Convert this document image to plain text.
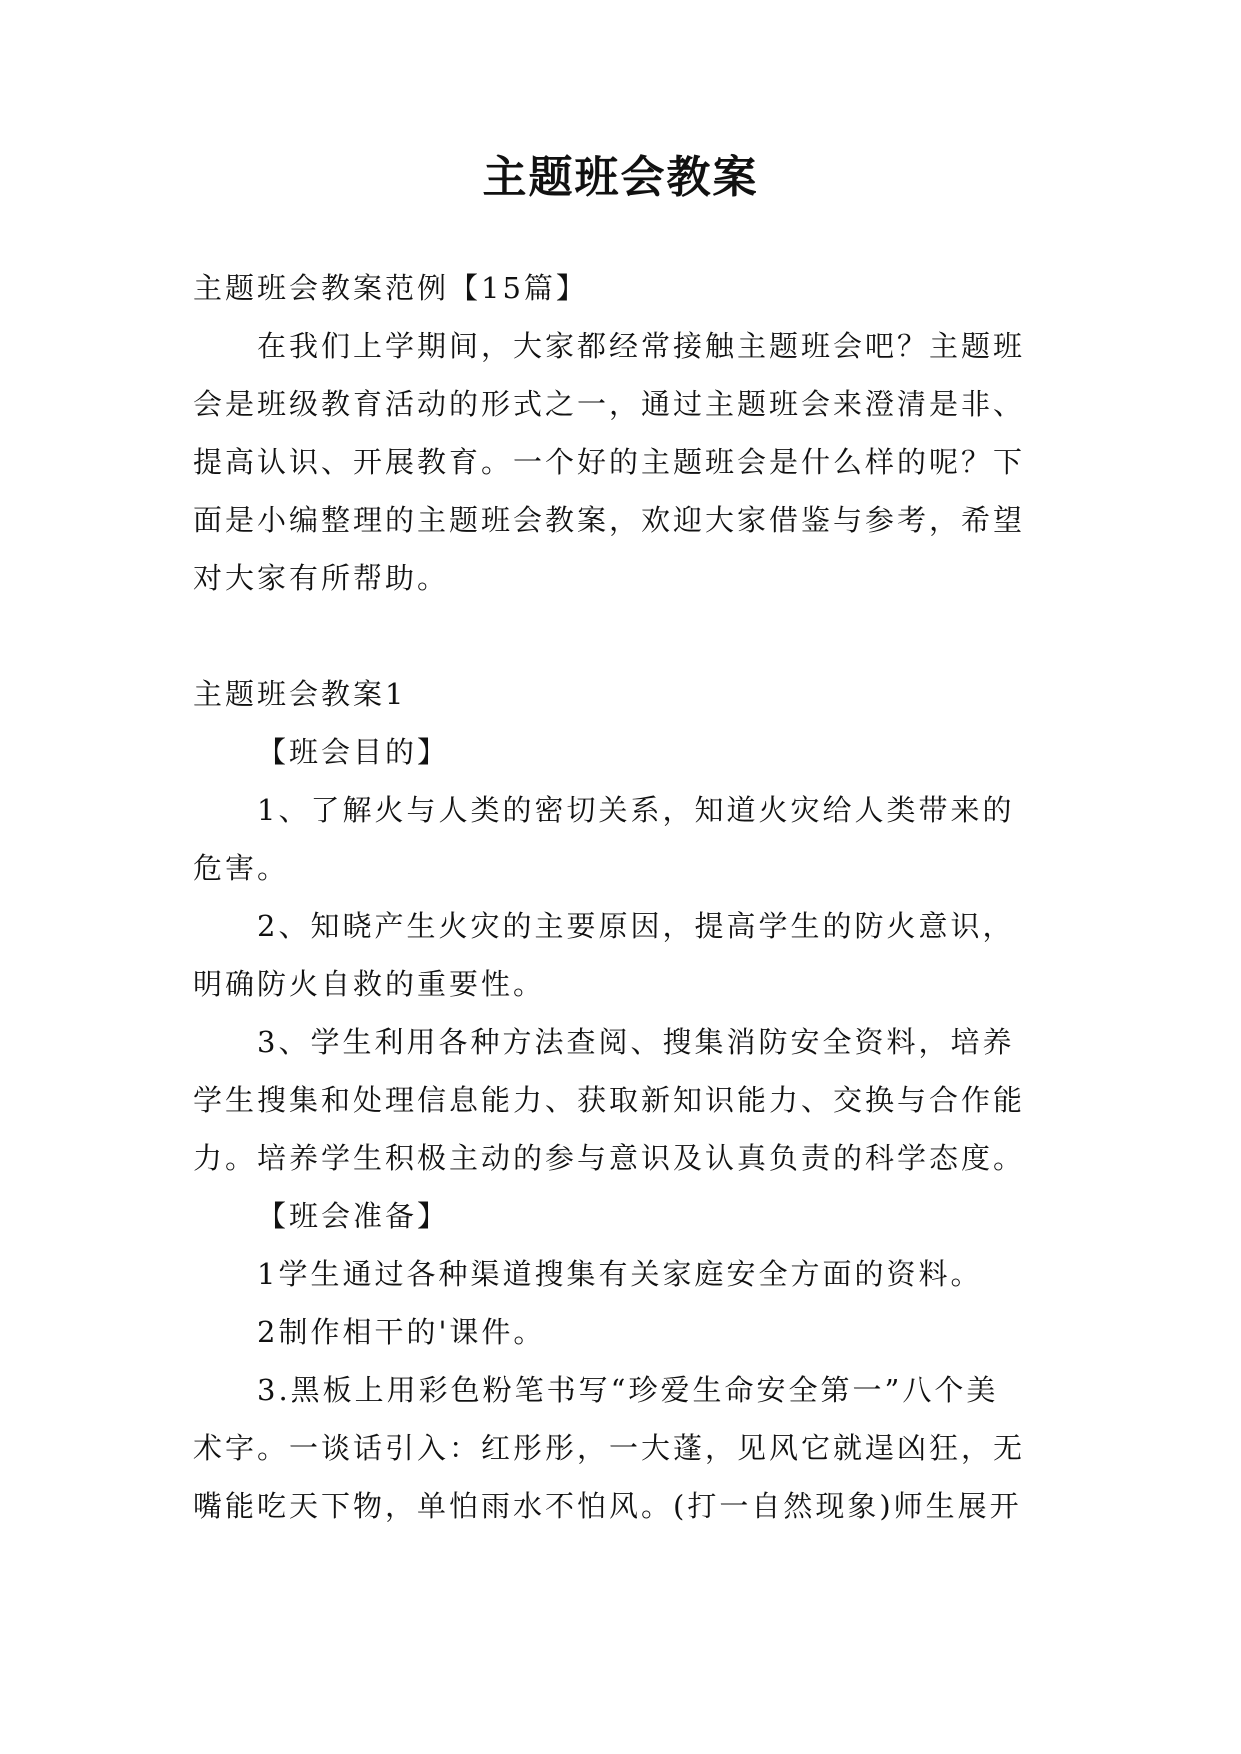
主题班会教案
主题班会教案范例【15篇】
在我们上学期间，大家都经常接触主题班会吧？主题班
会是班级教育活动的形式之一，通过主题班会来澄清是非、
提高认识、开展教育。一个好的主题班会是什么样的呢？下
面是小编整理的主题班会教案，欢迎大家借鉴与参考，希望
对大家有所帮助。
主题班会教案1
【班会目的】
1、了解火与人类的密切关系，知道火灾给人类带来的
危害。
2、知晓产生火灾的主要原因，提高学生的防火意识，
明确防火自救的重要性。
3、学生利用各种方法查阅、搜集消防安全资料，培养
学生搜集和处理信息能力、获取新知识能力、交换与合作能
力。培养学生积极主动的参与意识及认真负责的科学态度。
【班会准备】
1学生通过各种渠道搜集有关家庭安全方面的资料。
2制作相干的'课件。
3.黑板上用彩色粉笔书写“珍爱生命安全第一”八个美
术字。一谈话引入：红彤彤，一大蓬，见风它就逞凶狂，无
嘴能吃天下物，单怕雨水不怕风。(打一自然现象)师生展开
